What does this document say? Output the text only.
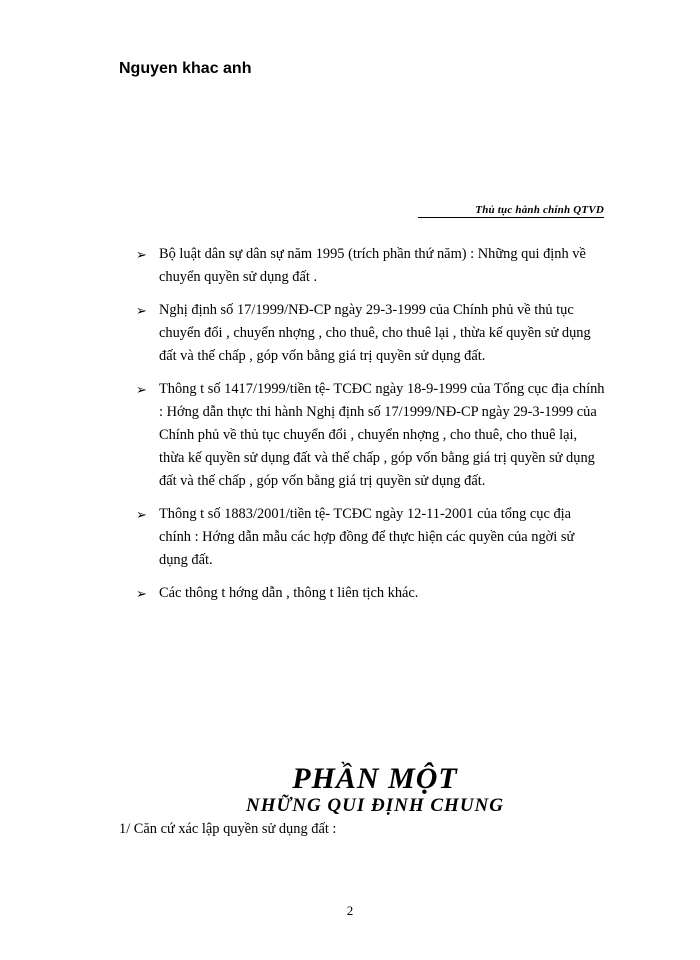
Nguyen khac anh
Thủ tục hành chính QTVD
➢ Bộ luật dân sự dân sự năm 1995 (trích phần thứ năm) : Những qui định về chuyển quyền sử dụng đất .
➢ Nghị định số 17/1999/NĐ-CP ngày 29-3-1999 của Chính phủ về thủ tục chuyển đổi , chuyển nhợng , cho thuê, cho thuê lại , thừa kế quyền sử dụng đất và thế chấp , góp vốn bằng giá trị quyền sử dụng đất.
➢ Thông t số 1417/1999/tiền tệ- TCĐC ngày 18-9-1999 của Tổng cục địa chính : Hớng dẫn thực thi hành Nghị định số 17/1999/NĐ-CP ngày 29-3-1999 của Chính phủ về thủ tục chuyển đổi , chuyển nhợng , cho thuê, cho thuê lại, thừa kế quyền sử dụng đất và thế chấp , góp vốn bằng giá trị quyền sử dụng đất và thế chấp , góp vốn bằng giá trị quyền sử dụng đất.
➢ Thông t số 1883/2001/tiền tệ- TCĐC ngày 12-11-2001 của tổng cục địa chính : Hớng dẫn mẫu các hợp đồng để thực hiện các quyền của ngời sử dụng đất.
➢ Các thông t hớng dẫn , thông t liên tịch khác.
PHẦN MỘT
NHỮNG QUI ĐỊNH CHUNG
1/ Căn cứ xác lập quyền sử dụng đất :
2
